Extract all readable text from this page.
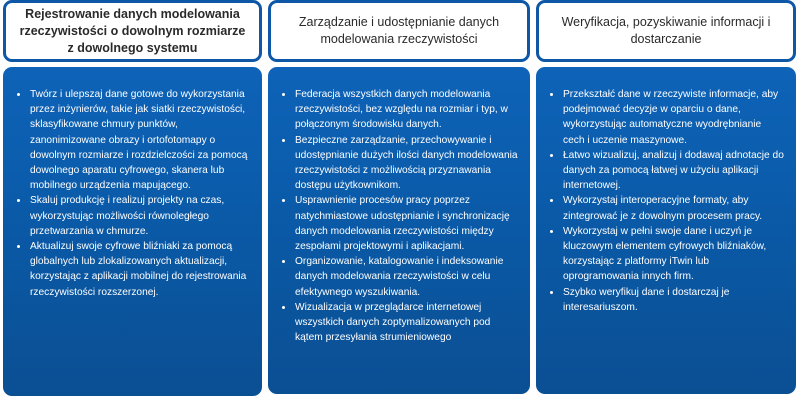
Rejestrowanie danych modelowania rzeczywistości o dowolnym rozmiarze z dowolnego systemu
Twórz i ulepszaj dane gotowe do wykorzystania przez inżynierów, takie jak siatki rzeczywistości, sklasyfikowane chmury punktów, zanonimizowane obrazy i ortofotomapy o dowolnym rozmiarze i rozdzielczości za pomocą dowolnego aparatu cyfrowego, skanera lub mobilnego urządzenia mapującego.
Skaluj produkcję i realizuj projekty na czas, wykorzystując możliwości równoległego przetwarzania w chmurze.
Aktualizuj swoje cyfrowe bliźniaki za pomocą globalnych lub zlokalizowanych aktualizacji, korzystając z aplikacji mobilnej do rejestrowania rzeczywistości rozszerzonej.
Zarządzanie i udostępnianie danych modelowania rzeczywistości
Federacja wszystkich danych modelowania rzeczywistości, bez względu na rozmiar i typ, w połączonym środowisku danych.
Bezpieczne zarządzanie, przechowywanie i udostępnianie dużych ilości danych modelowania rzeczywistości z możliwością przyznawania dostępu użytkownikom.
Usprawnienie procesów pracy poprzez natychmiastowe udostępnianie i synchronizację danych modelowania rzeczywistości między zespołami projektowymi i aplikacjami.
Organizowanie, katalogowanie i indeksowanie danych modelowania rzeczywistości w celu efektywnego wyszukiwania.
Wizualizacja w przeglądarce internetowej wszystkich danych zoptymalizowanych pod kątem przesyłania strumieniowego
Weryfikacja, pozyskiwanie informacji i dostarczanie
Przekształć dane w rzeczywiste informacje, aby podejmować decyzje w oparciu o dane, wykorzystując automatyczne wyodrębnianie cech i uczenie maszynowe.
Łatwo wizualizuj, analizuj i dodawaj adnotacje do danych za pomocą łatwej w użyciu aplikacji internetowej.
Wykorzystaj interoperacyjne formaty, aby zintegrować je z dowolnym procesem pracy.
Wykorzystaj w pełni swoje dane i uczyń je kluczowym elementem cyfrowych bliźniaków, korzystając z platformy iTwin lub oprogramowania innych firm.
Szybko weryfikuj dane i dostarczaj je interesariuszom.
